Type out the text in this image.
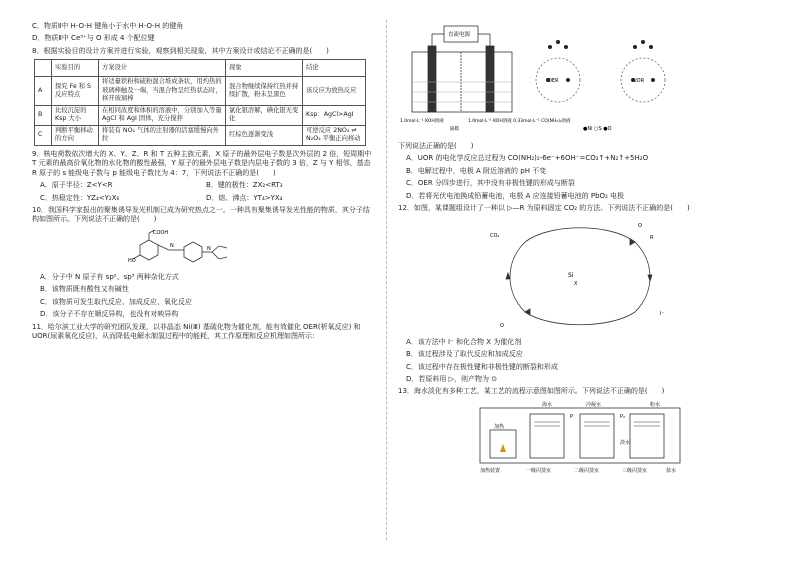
C．物质Ⅱ中 H-O-H 键角小于水中 H-O-H 的键角

D．物质Ⅱ中 Ce³⁺与 O 形成 4 个配位键

8．根据实验目的设计方案并进行实验，观察到相关现象，其中方案设计或结论不正确的是(　　)

	实验目的	方案设计	现象	结论
A	探究 Fe 和 S 反应特点	将适量铁粉和硫粉混合堆成条状，用灼热的玻璃棒触及一端，当混合物呈红热状态时，移开玻璃棒	混合物继续保持红热并持续扩散，粉末呈黑色	该反应为放热反应
B	比较沉淀的 Ksp 大小	在相同浓度和体积的溶液中，分别加入等量 AgCl 和 AgI 固体，充分搅拌	氯化银溶解，碘化银无变化	Ksp：AgCl>AgI
C	判断平衡移动的方向	将装有 NO₂ 气体的注射器的活塞缓慢向外拉	红棕色逐渐变浅	可逆反应 2NO₂ ⇌ N₂O₄ 平衡正向移动

9．核电荷数依次增大的 X、Y、Z、R 和 T 五种主族元素，X 原子的最外层电子数是次外层的 2 倍，短周期中 T 元素的最高价氧化物的水化物的酸性最强，Y 原子的最外层电子数是内层电子数的 3 倍，Z 与 Y 相邻，基态 R 原子的 s 能级电子数与 p 能级电子数比为 4：7，下列说法不正确的是(　　)

A．原子半径：Z<Y<R	B．键的极性：ZX₂<RT₃
C．热稳定性：YZ₄<Y₂X₆	D．熔、沸点：YT₄>YX₄

10．我国科学家报出的聚集诱导发光机制已成为研究热点之一。一种具有聚集诱导发光性能的物质，其分子结构如图所示。下列说法不正确的是(　　)

COOH
HO
N	N

A．分子中 N 原子有 sp²、sp³ 两种杂化方式

B．该物质既有酸性又有碱性

C．该物质可发生取代反应、加成反应、氧化反应

D．该分子不存在顺反异构，也没有对映异构

11．哈尔滨工业大学的研究团队发现，以非晶态 Ni(Ⅲ) 基硫化物为催化剂，能有效催化 OER(析氧反应) 和 UOR(尿素氧化反应)，从而降低电解水制氢过程中的能耗，其工作原理和反应机理如图所示：

直流电源
1.0mol·L⁻¹ KOH溶液	1.0mol·L⁻¹ KOH溶液 0.33mol·L⁻¹ CO(NH₂)₂溶液
隔膜
OER	UOR
●Ni ○S ●O

下列说法正确的是(　　)

A．UOR 的电化学反应总过程为 CO(NH₂)₂-6e⁻+6OH⁻=CO₂↑+N₂↑+5H₂O

B．电解过程中，电极 A 附近溶液的 pH 不变

C．OER 分四步进行，其中没有非极性键的形成与断裂

D．若将光伏电池换成铅蓄电池，电极 A 应连接铅蓄电池的 PbO₂ 电极

12．如图，某课题组设计了一种以 ▷—R 为原料固定 CO₂ 的方法。下列说法不正确的是(　　)

Si
X
CO₂	R
I⁻
O
O

A．该方法中 I⁻ 和化合物 X 为催化剂

B．该过程涉及了取代反应和加成反应

C．该过程中存在极性键和非极性键的断裂和形成

D．若原料用 ▷，则产物为 ⊙

13．海水淡化有多种工艺，某工艺的流程示意图如图所示。下列说法不正确的是(　　)

海水	冷凝水	粉水
加热
一级闪蒸室	二级闪蒸室	三级闪蒸室
加热装置
淡水
盐水
P	P₂
